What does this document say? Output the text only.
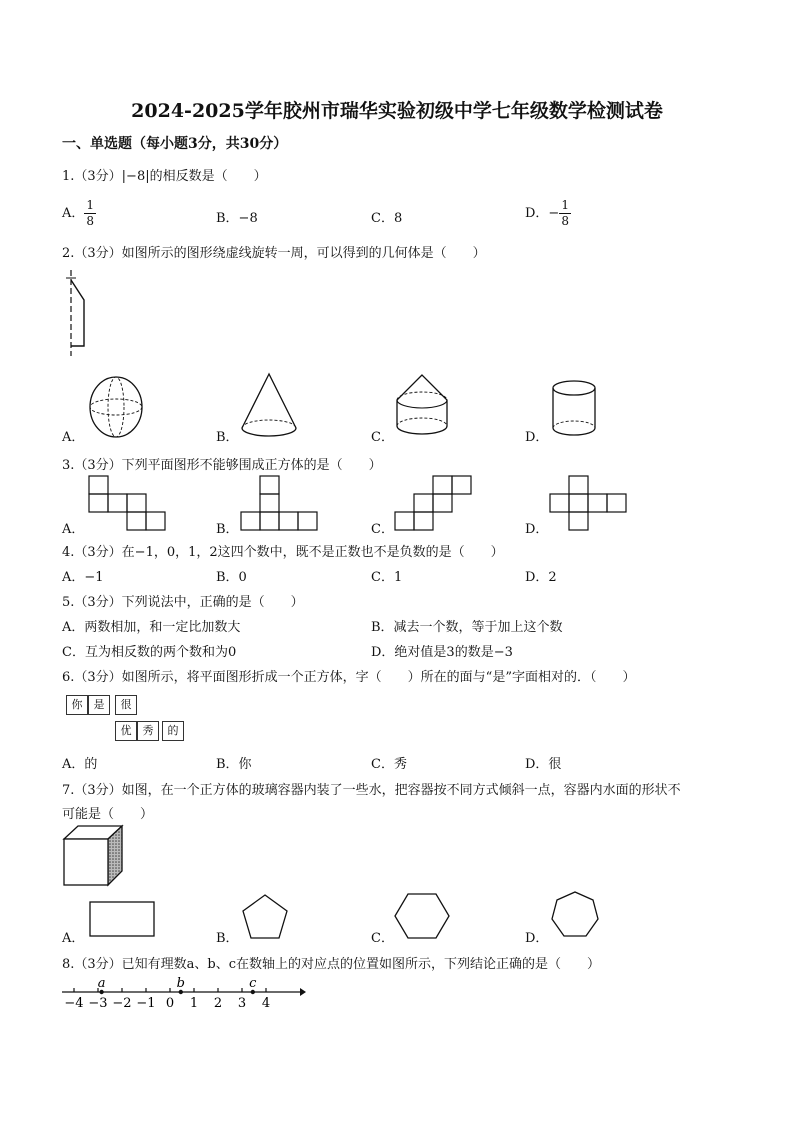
2024-2025学年胶州市瑞华实验初级中学七年级数学检测试卷
一、单选题（每小题3分，共30分）
1.（3分）|−8|的相反数是（　　）
A． $\frac{1}{8}$	B．−8	C．8	D．− $\frac{1}{8}$
2.（3分）如图所示的图形绕虚线旋转一周，可以得到的几何体是（　　）
A．	B．	C．	D．
3.（3分）下列平面图形不能够围成正方体的是（　　）
A．	B．	C．	D．
4.（3分）在−1，0，1，2这四个数中，既不是正数也不是负数的是（　　）
A．−1	B．0	C．1	D．2
5.（3分）下列说法中，正确的是（　　）
A．两数相加，和一定比加数大	B．减去一个数，等于加上这个数
C．互为相反数的两个数和为0	D．绝对值是3的数是−3
6.（3分）如图所示，将平面图形折成一个正方体，字（　　）所在的面与“是”字面相对的．（　　）
你	是	很
优	秀	的
A．的	B．你	C．秀	D．很
7.（3分）如图，在一个正方体的玻璃容器内装了一些水，把容器按不同方式倾斜一点，容器内水面的形状不
可能是（　　）
A．	B．	C．	D．
8.（3分）已知有理数a、b、c在数轴上的对应点的位置如图所示，下列结论正确的是（　　）
−4 −3 −2 −1 0 1 2 3 4
a	b	c
